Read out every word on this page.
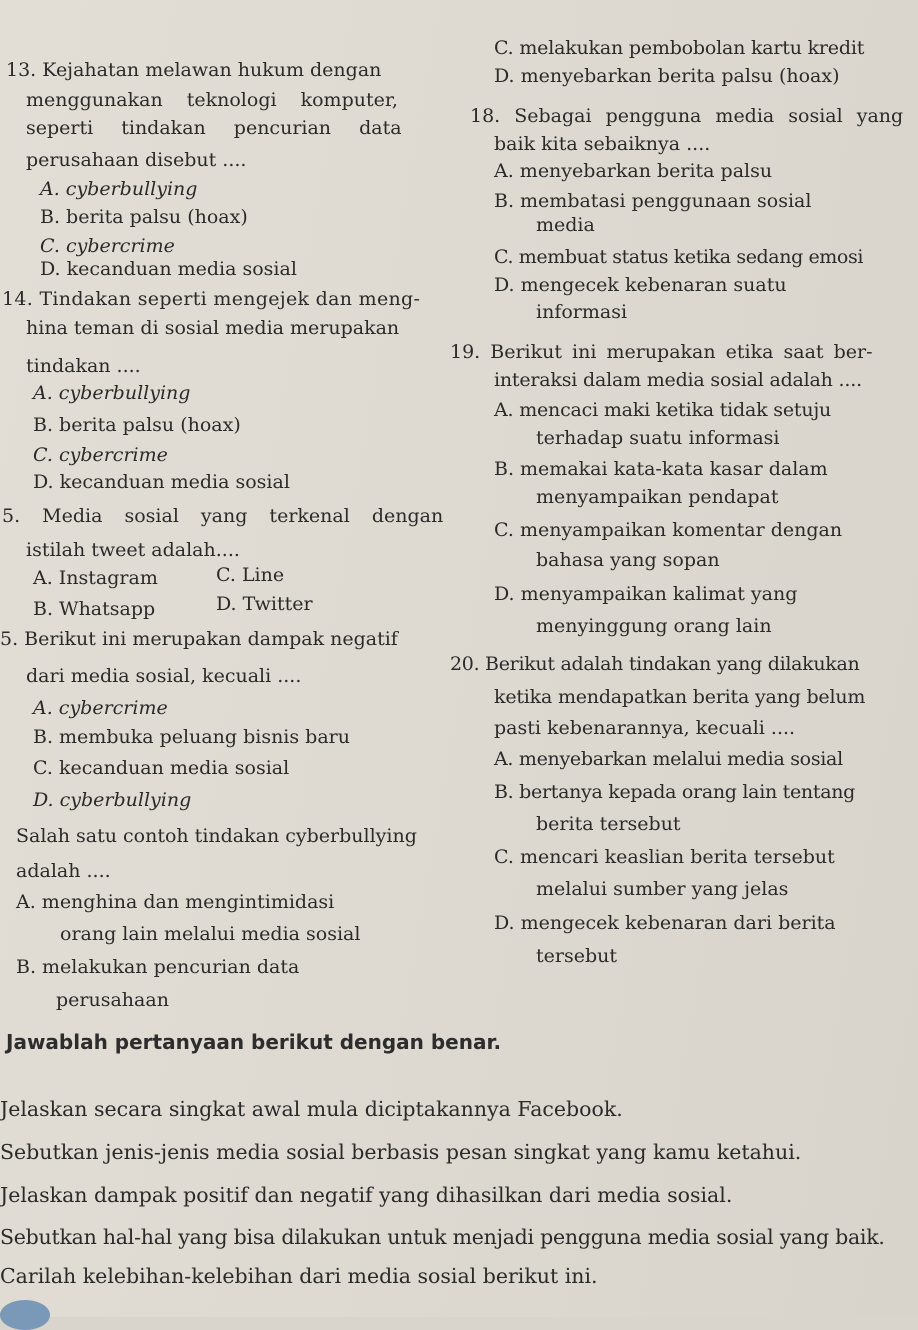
13. Kejahatan melawan hukum dengan
menggunakan teknologi komputer,
seperti tindakan pencurian data
perusahaan disebut ....
A. cyberbullying
B. berita palsu (hoax)
C. cybercrime
D. kecanduan media sosial
14. Tindakan seperti mengejek dan meng-
hina teman di sosial media merupakan
tindakan ....
A. cyberbullying
B. berita palsu (hoax)
C. cybercrime
D. kecanduan media sosial
5. Media sosial yang terkenal dengan
istilah tweet adalah....
A. Instagram	C. Line
B. Whatsapp	D. Twitter
5. Berikut ini merupakan dampak negatif
dari media sosial, kecuali ....
A. cybercrime
B. membuka peluang bisnis baru
C. kecanduan media sosial
D. cyberbullying
Salah satu contoh tindakan cyberbullying
adalah ....
A. menghina dan mengintimidasi
orang lain melalui media sosial
B. melakukan pencurian data
perusahaan
C. melakukan pembobolan kartu kredit
D. menyebarkan berita palsu (hoax)
18. Sebagai pengguna media sosial yang
baik kita sebaiknya ....
A. menyebarkan berita palsu
B. membatasi penggunaan sosial
media
C. membuat status ketika sedang emosi
D. mengecek kebenaran suatu
informasi
19. Berikut ini merupakan etika saat ber-
interaksi dalam media sosial adalah ....
A. mencaci maki ketika tidak setuju
terhadap suatu informasi
B. memakai kata-kata kasar dalam
menyampaikan pendapat
C. menyampaikan komentar dengan
bahasa yang sopan
D. menyampaikan kalimat yang
menyinggung orang lain
20. Berikut adalah tindakan yang dilakukan
ketika mendapatkan berita yang belum
pasti kebenarannya, kecuali ....
A. menyebarkan melalui media sosial
B. bertanya kepada orang lain tentang
berita tersebut
C. mencari keaslian berita tersebut
melalui sumber yang jelas
D. mengecek kebenaran dari berita
tersebut
Jawablah pertanyaan berikut dengan benar.
Jelaskan secara singkat awal mula diciptakannya Facebook.
Sebutkan jenis-jenis media sosial berbasis pesan singkat yang kamu ketahui.
Jelaskan dampak positif dan negatif yang dihasilkan dari media sosial.
Sebutkan hal-hal yang bisa dilakukan untuk menjadi pengguna media sosial yang baik.
Carilah kelebihan-kelebihan dari media sosial berikut ini.
